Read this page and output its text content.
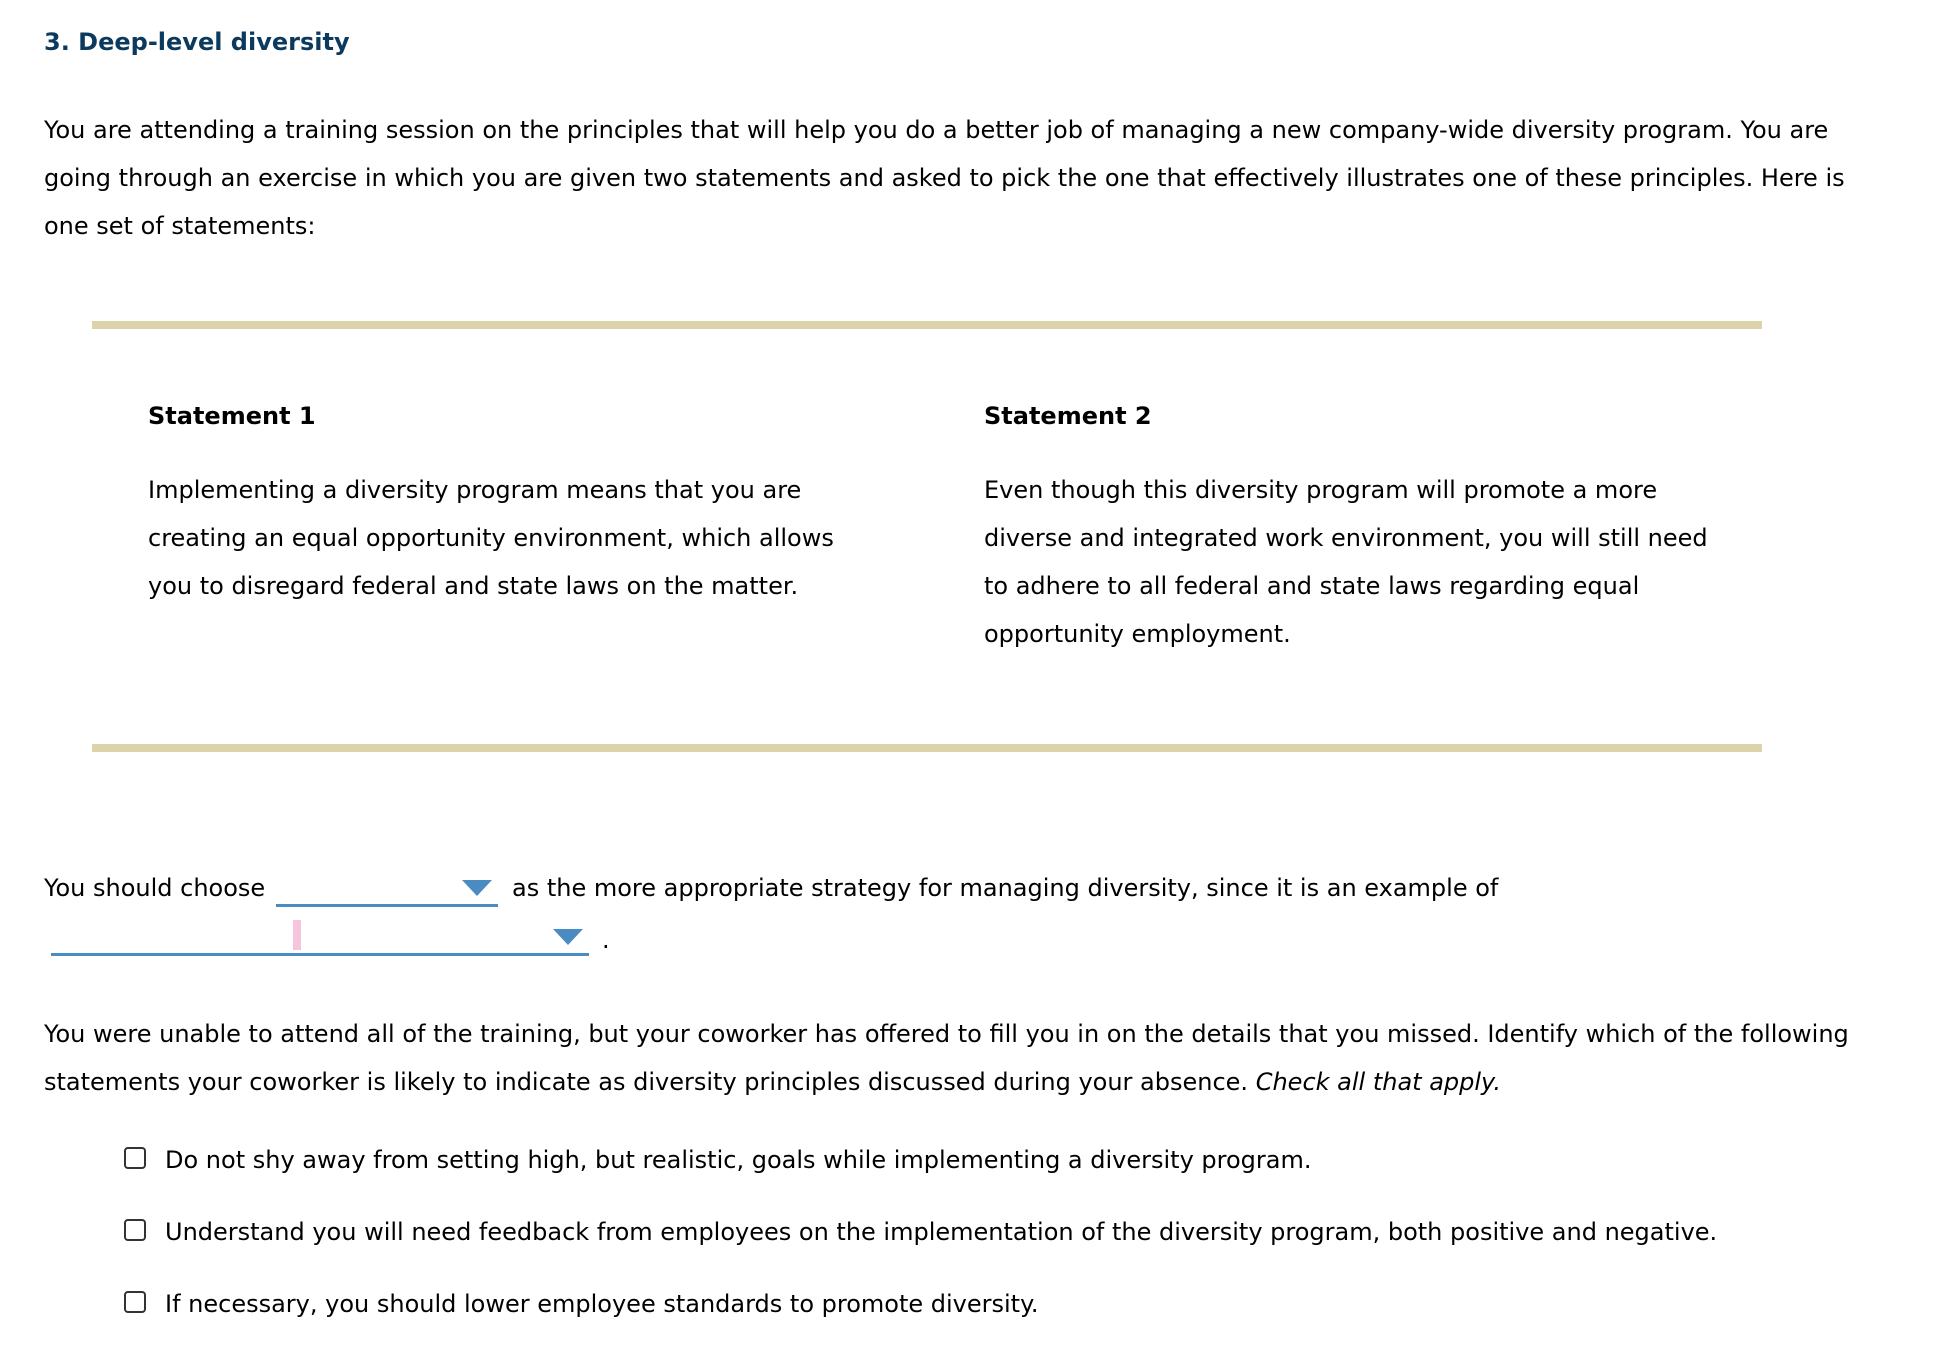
3. Deep-level diversity

You are attending a training session on the principles that will help you do a better job of managing a new company-wide diversity program. You are going through an exercise in which you are given two statements and asked to pick the one that effectively illustrates one of these principles. Here is one set of statements:

Statement 1

Implementing a diversity program means that you are creating an equal opportunity environment, which allows you to disregard federal and state laws on the matter.

Statement 2

Even though this diversity program will promote a more diverse and integrated work environment, you will still need to adhere to all federal and state laws regarding equal opportunity employment.

You should choose	as the more appropriate strategy for managing diversity, since it is an example of
.

You were unable to attend all of the training, but your coworker has offered to fill you in on the details that you missed. Identify which of the following statements your coworker is likely to indicate as diversity principles discussed during your absence. Check all that apply.

Do not shy away from setting high, but realistic, goals while implementing a diversity program.
Understand you will need feedback from employees on the implementation of the diversity program, both positive and negative.
If necessary, you should lower employee standards to promote diversity.
